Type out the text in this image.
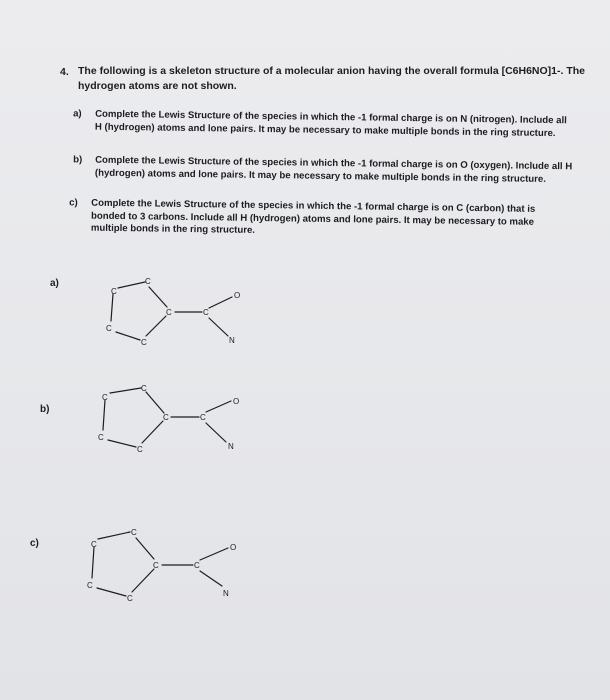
4. The following is a skeleton structure of a molecular anion having the overall formula [C6H6NO]1-. The hydrogen atoms are not shown.
a) Complete the Lewis Structure of the species in which the -1 formal charge is on N (nitrogen). Include all H (hydrogen) atoms and lone pairs. It may be necessary to make multiple bonds in the ring structure.
b) Complete the Lewis Structure of the species in which the -1 formal charge is on O (oxygen). Include all H (hydrogen) atoms and lone pairs. It may be necessary to make multiple bonds in the ring structure.
c) Complete the Lewis Structure of the species in which the -1 formal charge is on C (carbon) that is bonded to 3 carbons. Include all H (hydrogen) atoms and lone pairs. It may be necessary to make multiple bonds in the ring structure.
a)
C
C
C
C
C	C
O
N
b)
C
C
C
C
C	C
O
N
c)	C
C
C
C
C	C
O
N
